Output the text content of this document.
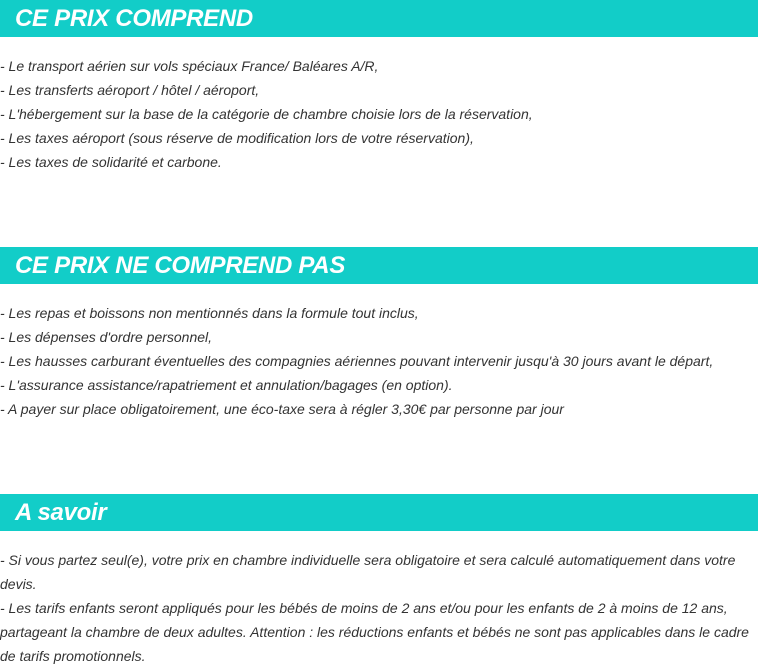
CE PRIX COMPREND
- Le transport aérien sur vols spéciaux France/ Baléares A/R,
- Les transferts aéroport / hôtel / aéroport,
- L'hébergement sur la base de la catégorie de chambre choisie lors de la réservation,
- Les taxes aéroport (sous réserve de modification lors de votre réservation),
- Les taxes de solidarité et carbone.
CE PRIX NE COMPREND PAS
- Les repas et boissons non mentionnés dans la formule tout inclus,
- Les dépenses d'ordre personnel,
- Les hausses carburant éventuelles des compagnies aériennes pouvant intervenir jusqu'à 30 jours avant le départ,
- L'assurance assistance/rapatriement et annulation/bagages (en option).
- A payer sur place obligatoirement, une éco-taxe sera à régler 3,30€ par personne par jour
A savoir
- Si vous partez seul(e), votre prix en chambre individuelle sera obligatoire et sera calculé automatiquement dans votre devis.
- Les tarifs enfants seront appliqués pour les bébés de moins de 2 ans et/ou pour les enfants de 2 à moins de 12 ans, partageant la chambre de deux adultes. Attention : les réductions enfants et bébés ne sont pas applicables dans le cadre de tarifs promotionnels.
